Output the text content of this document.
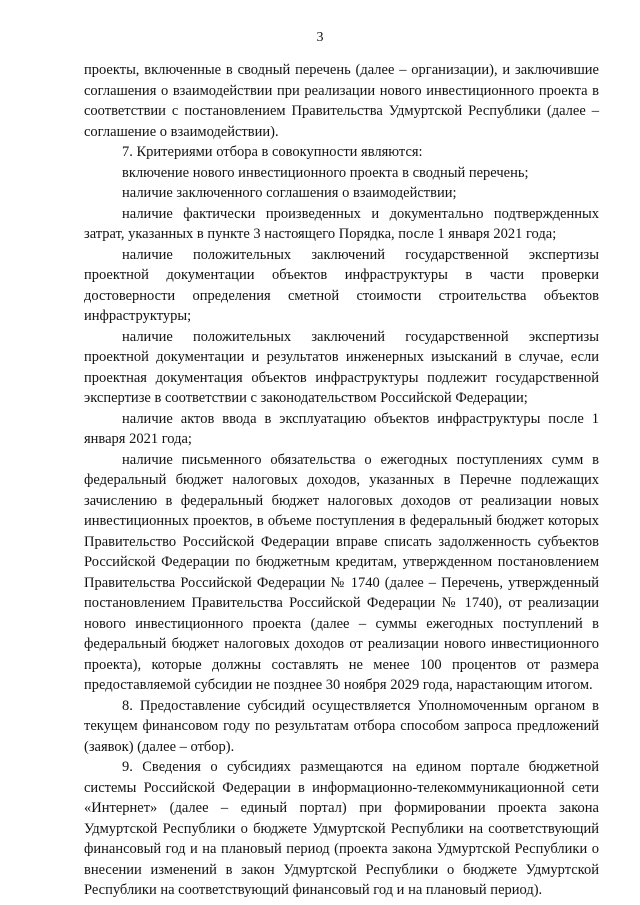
3

проекты, включенные в сводный перечень (далее – организации), и заключившие соглашения о взаимодействии при реализации нового инвестиционного проекта в соответствии с постановлением Правительства Удмуртской Республики (далее – соглашение о взаимодействии).

7. Критериями отбора в совокупности являются:

включение нового инвестиционного проекта в сводный перечень;

наличие заключенного соглашения о взаимодействии;

наличие фактически произведенных и документально подтвержденных затрат, указанных в пункте 3 настоящего Порядка, после 1 января 2021 года;

наличие положительных заключений государственной экспертизы проектной документации объектов инфраструктуры в части проверки достоверности определения сметной стоимости строительства объектов инфраструктуры;

наличие положительных заключений государственной экспертизы проектной документации и результатов инженерных изысканий в случае, если проектная документация объектов инфраструктуры подлежит государственной экспертизе в соответствии с законодательством Российской Федерации;

наличие актов ввода в эксплуатацию объектов инфраструктуры после 1 января 2021 года;

наличие письменного обязательства о ежегодных поступлениях сумм в федеральный бюджет налоговых доходов, указанных в Перечне подлежащих зачислению в федеральный бюджет налоговых доходов от реализации новых инвестиционных проектов, в объеме поступления в федеральный бюджет которых Правительство Российской Федерации вправе списать задолженность субъектов Российской Федерации по бюджетным кредитам, утвержденном постановлением Правительства Российской Федерации № 1740 (далее – Перечень, утвержденный постановлением Правительства Российской Федерации № 1740), от реализации нового инвестиционного проекта (далее – суммы ежегодных поступлений в федеральный бюджет налоговых доходов от реализации нового инвестиционного проекта), которые должны составлять не менее 100 процентов от размера предоставляемой субсидии не позднее 30 ноября 2029 года, нарастающим итогом.

8. Предоставление субсидий осуществляется Уполномоченным органом в текущем финансовом году по результатам отбора способом запроса предложений (заявок) (далее – отбор).

9. Сведения о субсидиях размещаются на едином портале бюджетной системы Российской Федерации в информационно-телекоммуникационной сети «Интернет» (далее – единый портал) при формировании проекта закона Удмуртской Республики о бюджете Удмуртской Республики на соответствующий финансовый год и на плановый период (проекта закона Удмуртской Республики о внесении изменений в закон Удмуртской Республики о бюджете Удмуртской Республики на соответствующий финансовый год и на плановый период).
